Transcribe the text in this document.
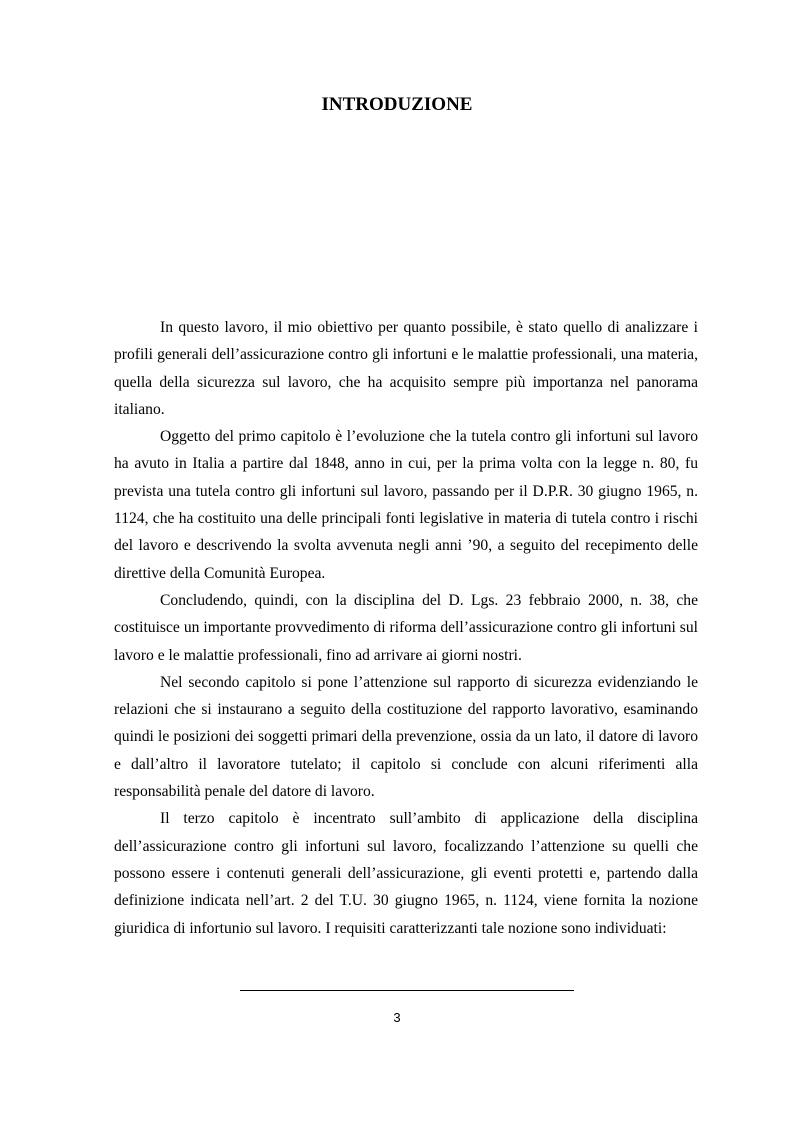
INTRODUZIONE

In questo lavoro, il mio obiettivo per quanto possibile, è stato quello di analizzare i profili generali dell’assicurazione contro gli infortuni e le malattie professionali, una materia, quella della sicurezza sul lavoro, che ha acquisito sempre più importanza nel panorama italiano.

Oggetto del primo capitolo è l’evoluzione che la tutela contro gli infortuni sul lavoro ha avuto in Italia a partire dal 1848, anno in cui, per la prima volta con la legge n. 80, fu prevista una tutela contro gli infortuni sul lavoro, passando per il D.P.R. 30 giugno 1965, n. 1124, che ha costituito una delle principali fonti legislative in materia di tutela contro i rischi del lavoro e descrivendo la svolta avvenuta negli anni ’90, a seguito del recepimento delle direttive della Comunità Europea.

Concludendo, quindi, con la disciplina del D. Lgs. 23 febbraio 2000, n. 38, che costituisce un importante provvedimento di riforma dell’assicurazione contro gli infortuni sul lavoro e le malattie professionali, fino ad arrivare ai giorni nostri.

Nel secondo capitolo si pone l’attenzione sul rapporto di sicurezza evidenziando le relazioni che si instaurano a seguito della costituzione del rapporto lavorativo, esaminando quindi le posizioni dei soggetti primari della prevenzione, ossia da un lato, il datore di lavoro e dall’altro il lavoratore tutelato; il capitolo si conclude con alcuni riferimenti alla responsabilità penale del datore di lavoro.

Il terzo capitolo è incentrato sull’ambito di applicazione della disciplina dell’assicurazione contro gli infortuni sul lavoro, focalizzando l’attenzione su quelli che possono essere i contenuti generali dell’assicurazione, gli eventi protetti e, partendo dalla definizione indicata nell’art. 2 del T.U. 30 giugno 1965, n. 1124, viene fornita la nozione giuridica di infortunio sul lavoro. I requisiti caratterizzanti tale nozione sono individuati:

3
